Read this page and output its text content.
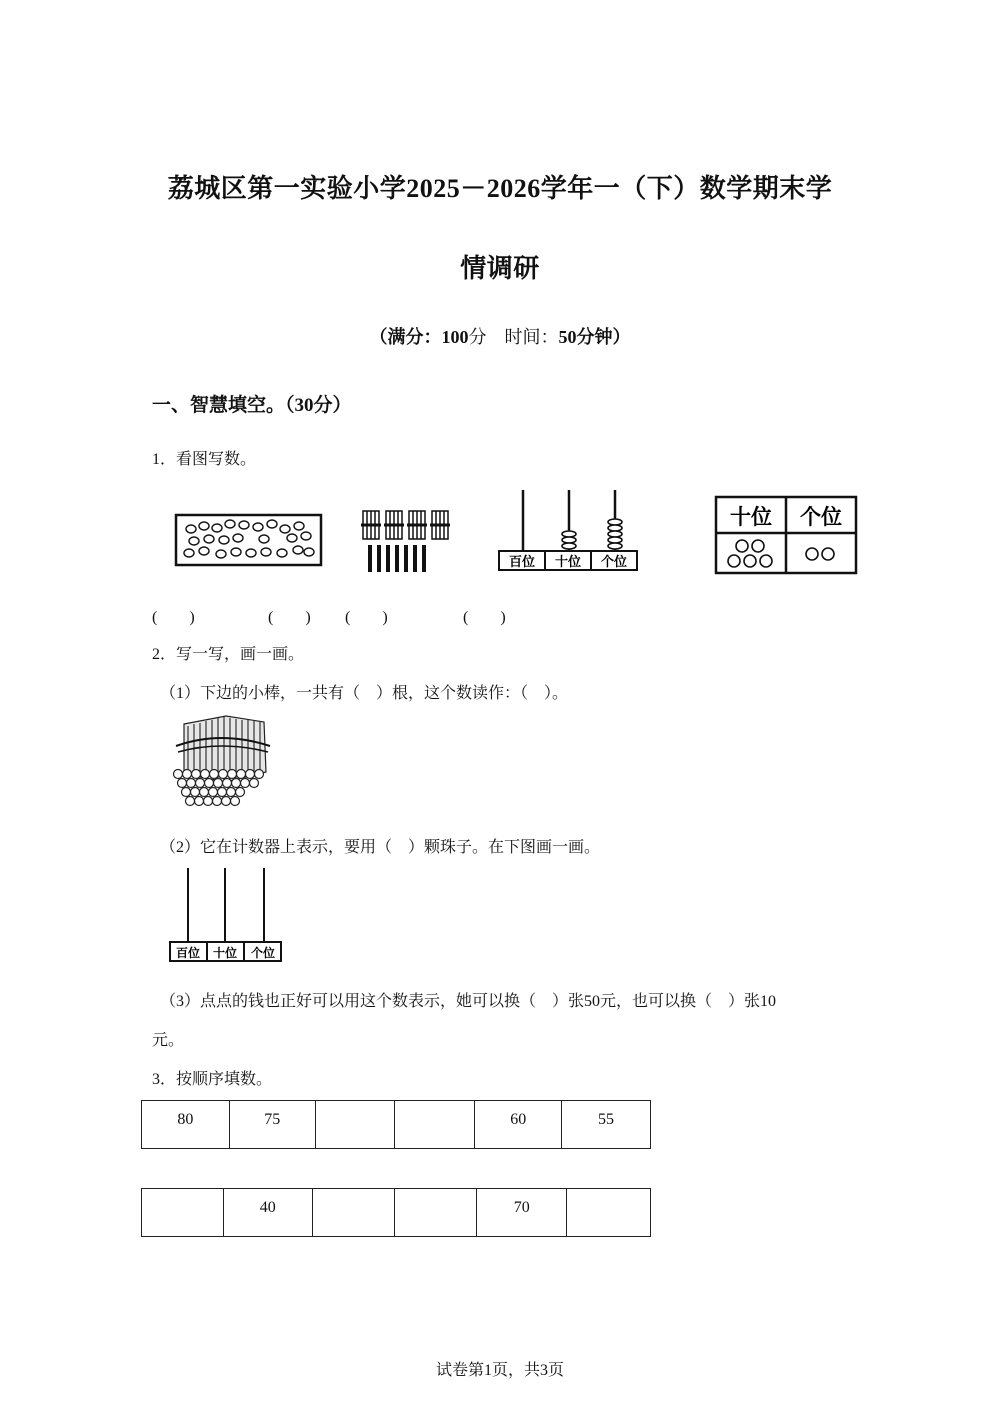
荔城区第一实验小学2025－2026学年一（下）数学期末学
情调研
（满分：100分 时间：50分钟）
一、智慧填空。（30分）
1．看图写数。
百位 十位 个位
十位 个位
(　　)	(　　) (　　)	(　　)
2．写一写，画一画。
（1）下边的小棒，一共有（　）根，这个数读作：（　）。
（2）它在计数器上表示，要用（　）颗珠子。在下图画一画。
百位 十位 个位
（3）点点的钱也正好可以用这个数表示，她可以换（　）张50元，也可以换（　）张10
元。
3．按顺序填数。
80	75			60	55
	40			70	
试卷第1页，共3页
